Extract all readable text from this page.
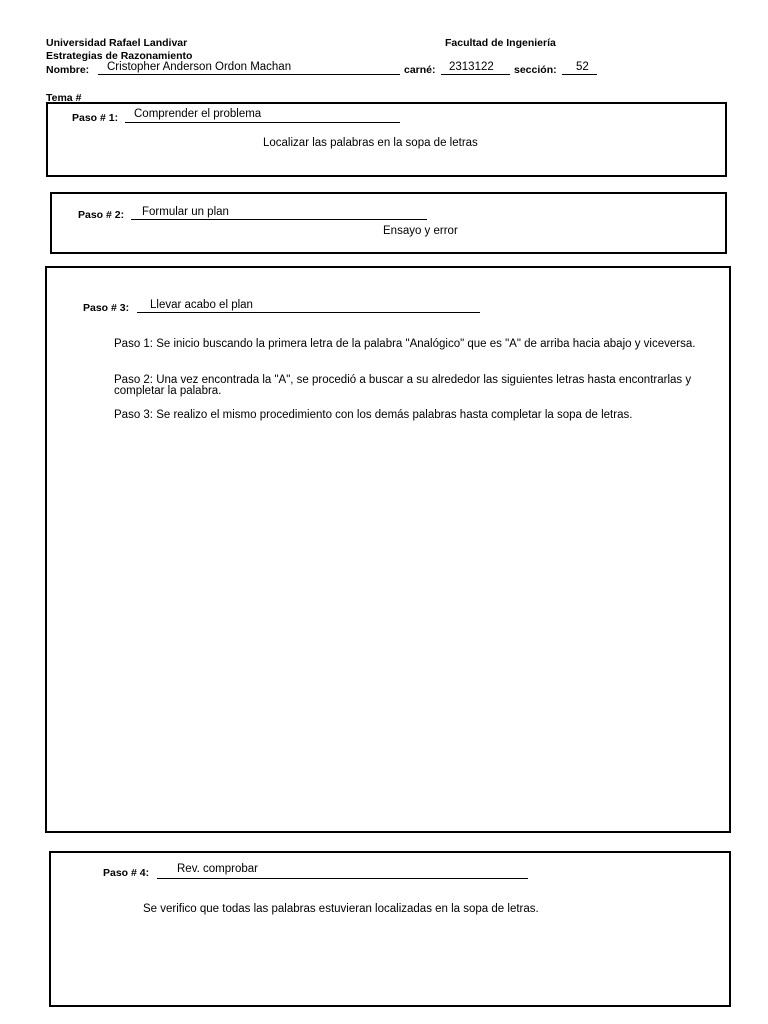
Universidad Rafael Landivar	Facultad de Ingeniería
Estrategias de Razonamiento
Nombre: Cristopher Anderson Ordon Machan	carné: 2313122 sección: 52
Tema #
Paso # 1: Comprender el problema
Localizar las palabras en la sopa de letras
Paso # 2: Formular un plan
Ensayo y error
Paso # 3: Llevar acabo el plan
Paso 1: Se inicio buscando la primera letra de la palabra "Analógico" que es "A" de arriba hacia abajo y viceversa.
Paso 2: Una vez encontrada la "A", se procedió a buscar a su alrededor las siguientes letras hasta encontrarlas y completar la palabra.
Paso 3: Se realizo el mismo procedimiento con los demás palabras hasta completar la sopa de letras.
Paso # 4: Rev. comprobar
Se verifico que todas las palabras estuvieran localizadas en la sopa de letras.
